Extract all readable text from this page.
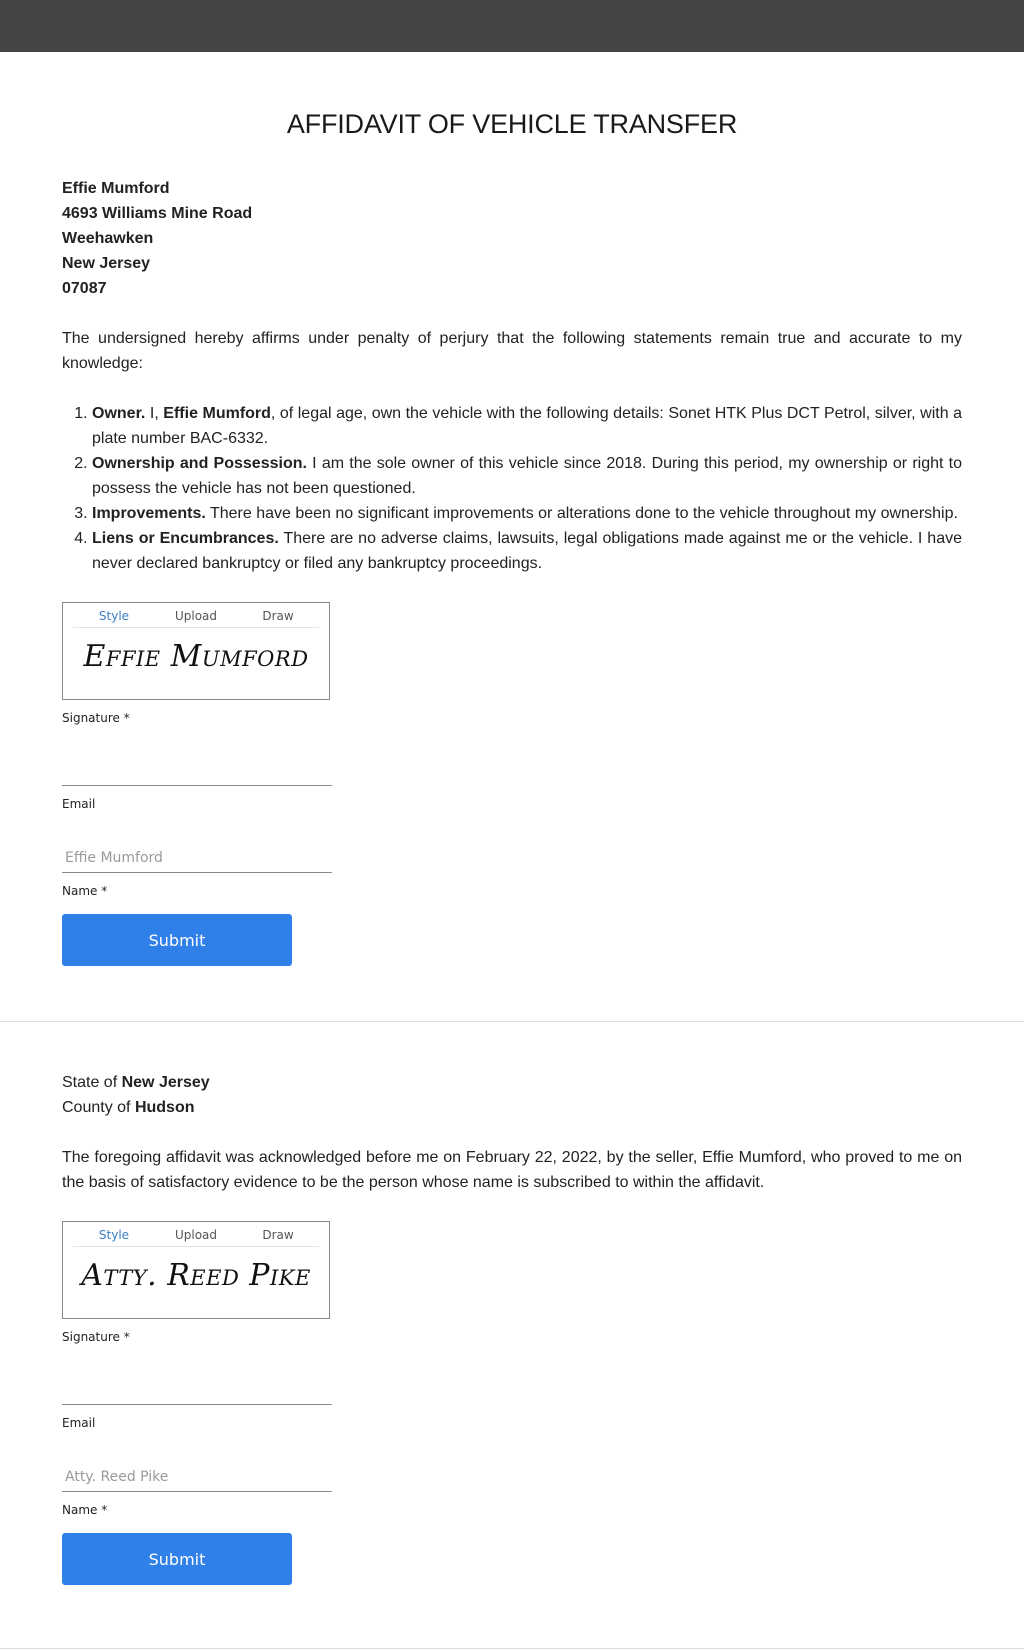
AFFIDAVIT OF VEHICLE TRANSFER
Effie Mumford
4693 Williams Mine Road
Weehawken
New Jersey
07087

The undersigned hereby affirms under penalty of perjury that the following statements remain true and accurate to my knowledge:

1. Owner. I, Effie Mumford, of legal age, own the vehicle with the following details: Sonet HTK Plus DCT Petrol, silver, with a plate number BAC-6332.
2. Ownership and Possession. I am the sole owner of this vehicle since 2018. During this period, my ownership or right to possess the vehicle has not been questioned.
3. Improvements. There have been no significant improvements or alterations done to the vehicle throughout my ownership.
4. Liens or Encumbrances. There are no adverse claims, lawsuits, legal obligations made against me or the vehicle. I have never declared bankruptcy or filed any bankruptcy proceedings.
Style	Upload	Draw
Effie Mumford
Signature *
Email
Effie Mumford
Name *
Submit
State of New Jersey
County of Hudson

The foregoing affidavit was acknowledged before me on February 22, 2022, by the seller, Effie Mumford, who proved to me on the basis of satisfactory evidence to be the person whose name is subscribed to within the affidavit.

Style	Upload	Draw
Atty. Reed Pike
Signature *
Email
Atty. Reed Pike
Name *
Submit
